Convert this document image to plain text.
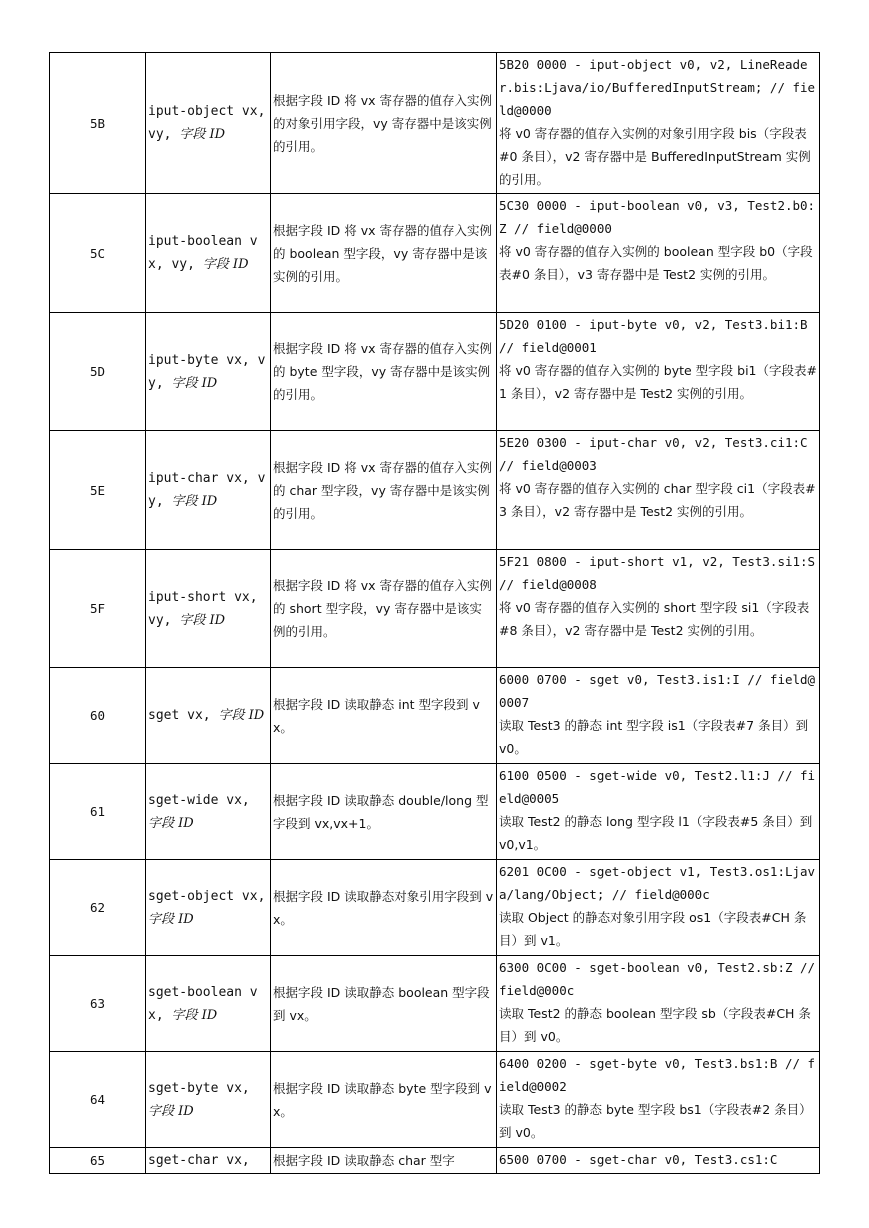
5B	iput-object vx, vy, 字段 ID	根据字段 ID 将 vx 寄存器的值存入实例的对象引用字段，vy 寄存器中是该实例的引用。	5B20 0000 - iput-object v0, v2, LineReader.bis:Ljava/io/BufferedInputStream; // field@0000
将 v0 寄存器的值存入实例的对象引用字段 bis（字段表#0 条目），v2 寄存器中是 BufferedInputStream 实例的引用。

5C	iput-boolean vx, vy, 字段 ID	根据字段 ID 将 vx 寄存器的值存入实例的 boolean 型字段，vy 寄存器中是该实例的引用。	5C30 0000 - iput-boolean v0, v3, Test2.b0:Z // field@0000
将 v0 寄存器的值存入实例的 boolean 型字段 b0（字段表#0 条目），v3 寄存器中是 Test2 实例的引用。

5D	iput-byte vx, vy, 字段 ID	根据字段 ID 将 vx 寄存器的值存入实例的 byte 型字段，vy 寄存器中是该实例的引用。	5D20 0100 - iput-byte v0, v2, Test3.bi1:B // field@0001
将 v0 寄存器的值存入实例的 byte 型字段 bi1（字段表#1 条目），v2 寄存器中是 Test2 实例的引用。

5E	iput-char vx, vy, 字段 ID	根据字段 ID 将 vx 寄存器的值存入实例的 char 型字段，vy 寄存器中是该实例的引用。	5E20 0300 - iput-char v0, v2, Test3.ci1:C // field@0003
将 v0 寄存器的值存入实例的 char 型字段 ci1（字段表#3 条目），v2 寄存器中是 Test2 实例的引用。

5F	iput-short vx, vy, 字段 ID	根据字段 ID 将 vx 寄存器的值存入实例的 short 型字段，vy 寄存器中是该实例的引用。	5F21 0800 - iput-short v1, v2, Test3.si1:S // field@0008
将 v0 寄存器的值存入实例的 short 型字段 si1（字段表#8 条目），v2 寄存器中是 Test2 实例的引用。

60	sget vx, 字段 ID	根据字段 ID 读取静态 int 型字段到 vx。	6000 0700 - sget v0, Test3.is1:I // field@0007
读取 Test3 的静态 int 型字段 is1（字段表#7 条目）到 v0。

61	sget-wide vx, 字段 ID	根据字段 ID 读取静态 double/long 型字段到 vx,vx+1。	6100 0500 - sget-wide v0, Test2.l1:J // field@0005
读取 Test2 的静态 long 型字段 l1（字段表#5 条目）到 v0,v1。

62	sget-object vx, 字段 ID	根据字段 ID 读取静态对象引用字段到 vx。	6201 0C00 - sget-object v1, Test3.os1:Ljava/lang/Object; // field@000c
读取 Object 的静态对象引用字段 os1（字段表#CH 条目）到 v1。

63	sget-boolean vx, 字段 ID	根据字段 ID 读取静态 boolean 型字段到 vx。	6300 0C00 - sget-boolean v0, Test2.sb:Z // field@000c
读取 Test2 的静态 boolean 型字段 sb（字段表#CH 条目）到 v0。

64	sget-byte vx, 字段 ID	根据字段 ID 读取静态 byte 型字段到 vx。	6400 0200 - sget-byte v0, Test3.bs1:B // field@0002
读取 Test3 的静态 byte 型字段 bs1（字段表#2 条目）到 v0。

65	sget-char vx,	根据字段 ID 读取静态 char 型字	6500 0700 - sget-char v0, Test3.cs1:C
